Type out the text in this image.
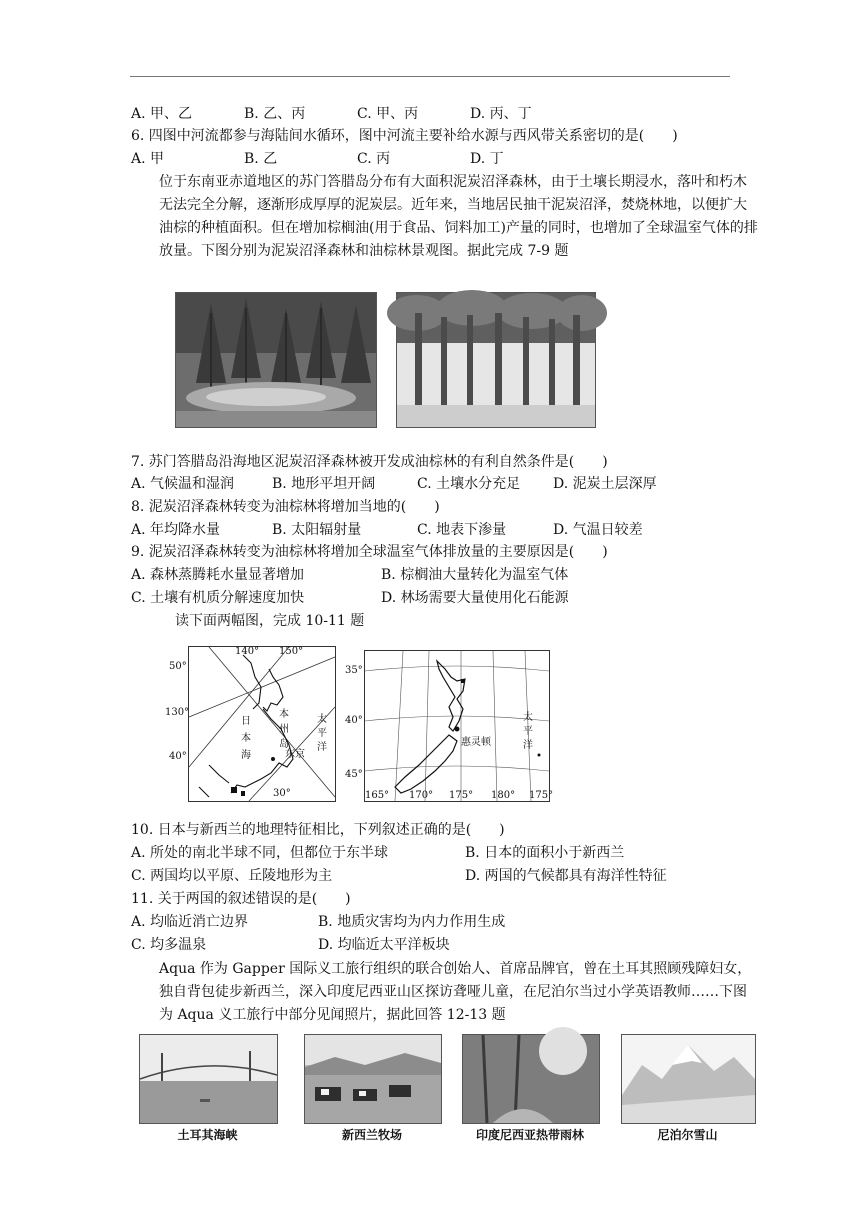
A. 甲、乙	B. 乙、丙	C. 甲、丙	D. 丙、丁
6. 四图中河流都参与海陆间水循环，图中河流主要补给水源与西风带关系密切的是(　　)
A. 甲	B. 乙	C. 丙	D. 丁
位于东南亚赤道地区的苏门答腊岛分布有大面积泥炭沼泽森林，由于土壤长期浸水，落叶和朽木无法完全分解，逐渐形成厚厚的泥炭层。近年来，当地居民抽干泥炭沼泽，焚烧林地，以便扩大油棕的种植面积。但在增加棕榈油(用于食品、饲料加工)产量的同时，也增加了全球温室气体的排放量。下图分别为泥炭沼泽森林和油棕林景观图。据此完成 7-9 题
7. 苏门答腊岛沿海地区泥炭沼泽森林被开发成油棕林的有利自然条件是(　　)
A. 气候温和湿润	B. 地形平坦开阔	C. 土壤水分充足 D. 泥炭土层深厚
8. 泥炭沼泽森林转变为油棕林将增加当地的(　　)
A. 年均降水量	B. 太阳辐射量	C. 地表下渗量	D. 气温日较差
9. 泥炭沼泽森林转变为油棕林将增加全球温室气体排放量的主要原因是(　　)
A. 森林蒸腾耗水量显著增加	B. 棕榈油大量转化为温室气体
C. 土壤有机质分解速度加快	D. 林场需要大量使用化石能源
读下面两幅图，完成 10-11 题
140° 150°
30°
50°
130°
40°
日本海
本州岛
太平洋
东京
35°
40°
45°
165° 170° 175° 180° 175°
惠灵顿
太平洋
10. 日本与新西兰的地理特征相比，下列叙述正确的是(　　)
A. 所处的南北半球不同，但都位于东半球	B. 日本的面积小于新西兰
C. 两国均以平原、丘陵地形为主	D. 两国的气候都具有海洋性特征
11. 关于两国的叙述错误的是(　　)
A. 均临近消亡边界	B. 地质灾害均为内力作用生成
C. 均多温泉	D. 均临近太平洋板块
Aqua 作为 Gapper 国际义工旅行组织的联合创始人、首席品牌官，曾在土耳其照顾残障妇女，独自背包徒步新西兰，深入印度尼西亚山区探访聋哑儿童，在尼泊尔当过小学英语教师……下图为 Aqua 义工旅行中部分见闻照片，据此回答 12-13 题
土耳其海峡	新西兰牧场	印度尼西亚热带雨林	尼泊尔雪山
